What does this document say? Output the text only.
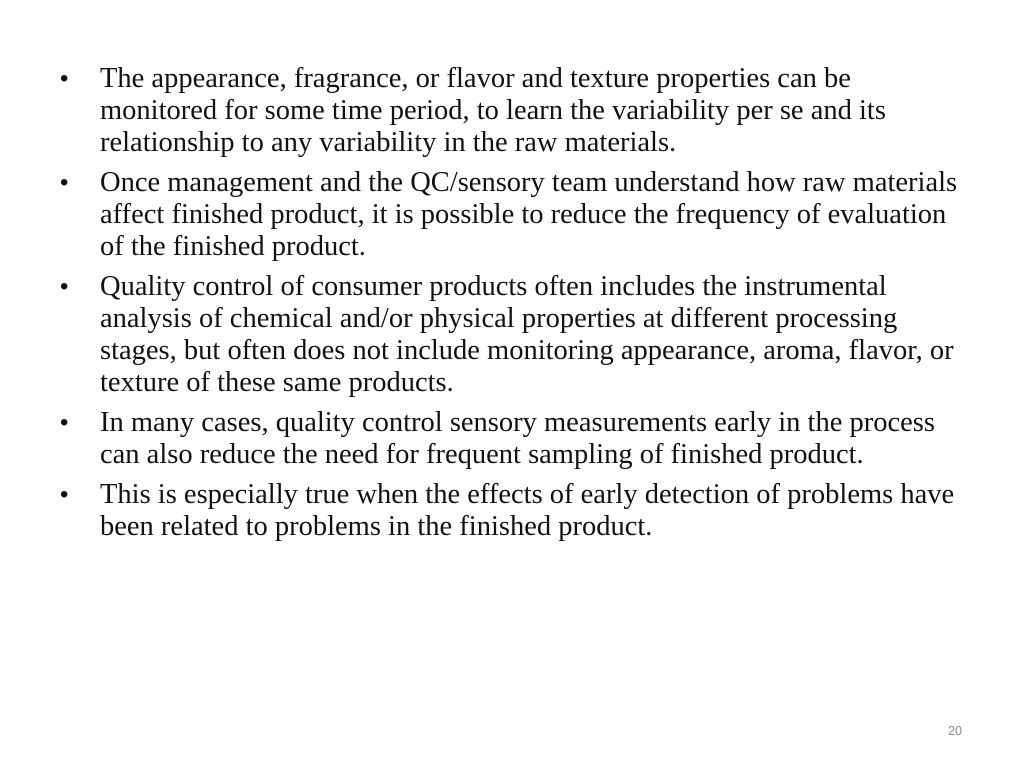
• The appearance, fragrance, or flavor and texture properties can be monitored for some time period, to learn the variability per se and its relationship to any variability in the raw materials.
• Once management and the QC/sensory team understand how raw materials affect finished product, it is possible to reduce the frequency of evaluation of the finished product.
• Quality control of consumer products often includes the instrumental analysis of chemical and/or physical properties at different processing stages, but often does not include monitoring appearance, aroma, flavor, or texture of these same products.
• In many cases, quality control sensory measurements early in the process can also reduce the need for frequent sampling of finished product.
• This is especially true when the effects of early detection of problems have been related to problems in the finished product.
20
